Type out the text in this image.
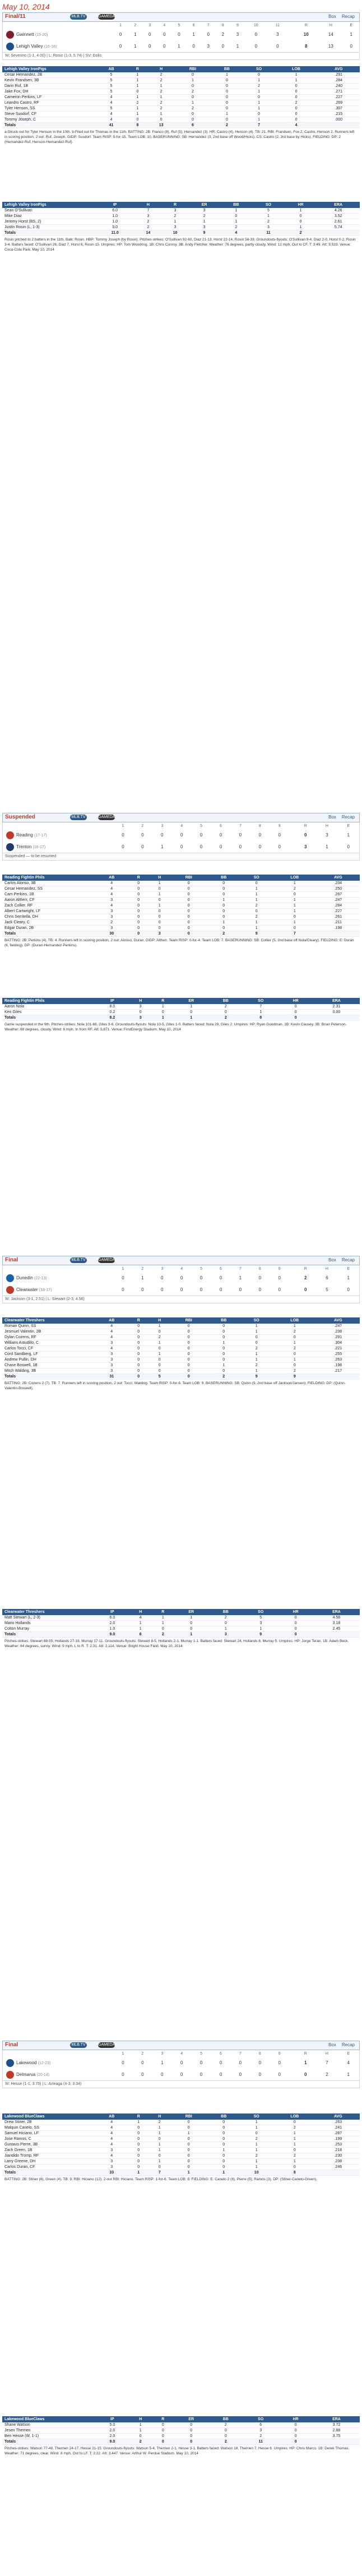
May 10, 2014
Final/11	MLB.TV	GAMEDAY	Box Recap
	1	2	3	4	5	6	7	8	9	10	11		R	H	E
Gwinnett (15-20)	0	1	0	0	0	1	0	2	3	0	3		10	14	1
Lehigh Valley (16-18)	0	1	0	0	1	0	3	0	1	0	0		8	13	0
W: Severino (1-1, 4.00) | L: Rosin (1-3, 5.74) | SV: Dolis
Lehigh Valley IronPigs	AB	R	H	RBI	BB	SO	LOB	AVG
Cesar Hernandez, 2B	5	1	2	0	1	0	1	.291
Kevin Frandsen, 3B	5	1	2	1	0	1	1	.284
Darin Ruf, 1B	5	1	1	0	0	2	0	.240
Jake Fox, DH	5	0	2	2	0	1	0	.271
Cameron Perkins, LF	4	1	1	0	0	0	0	.227
Leandro Castro, RF	4	2	2	1	0	1	2	.269
Tyler Henson, SS	5	1	2	2	0	1	0	.307
Steve Susdorf, CF	4	1	1	0	1	0	0	.215
Tommy Joseph, C	4	0	0	0	0	1	0	.000
Totals	41	8	13	6	2	7	4	
a-Struck out for Tyler Henson in the 10th. b-Flied out for Thomas in the 11th. BATTING: 2B: Franco (8), Ruf (5), Hernandez (3). HR: Castro (4), Henson (4). TB: 21. RBI: Frandsen, Fox 2, Castro, Henson 2. Runners left in scoring position, 2 out: Ruf, Joseph. GIDP: Susdorf. Team RISP: 5-for-15. Team LOB: 10. BASERUNNING: SB: Hernandez (3, 2nd base off Wood/Hicks). CS: Castro (2, 3rd base by Hicks). FIELDING: DP: 2 (Hernandez-Ruf, Henson-Hernandez-Ruf).
Lehigh Valley IronPigs	IP	H	R	ER	BB	SO	HR	ERA
Sean O'Sullivan	6.0	7	3	3	1	5	1	4.26
Mike Diaz	1.0	3	2	2	0	1	0	3.52
Jeremy Horst (BS, 2)	1.0	2	1	1	1	2	0	2.61
Justin Rosin (L, 1-3)	3.0	2	3	3	2	3	1	5.74
Totals	11.0	14	10	9	4	11	2	
Rosin pitched to 2 batters in the 11th. Balk: Rosin. HBP: Tommy Joseph (by Rosin). Pitches-strikes: O'Sullivan 92-60, Diaz 21-13, Horst 22-14, Rosin 56-33. Groundouts-flyouts: O'Sullivan 9-4, Diaz 2-0, Horst 0-2, Rosin 3-4. Batters faced: O'Sullivan 26, Diaz 7, Horst 6, Rosin 15. Umpires: HP: Tom Woodring. 1B: Chris Conroy. 3B: Andy Fletcher. Weather: 76 degrees, partly cloudy. Wind: 12 mph, Out to CF. T: 3:49. Att: 9,533. Venue: Coca-Cola Park. May 10, 2014
Suspended	MLB.TV	GAMEDAY	Box Recap
	1	2	3	4	5	6	7	8	9		R	H	E
Reading (17-17)	0	0	0	0	0	0	0	0	0		0	3	1
Trenton (18-17)	0	0	1	0	0	0	0	0	0		3	1	0
Suspended — to be resumed
Reading Fightin Phils	AB	R	H	RBI	BB	SO	LOB	AVG
Carlos Alonso, 3B	4	0	1	0	0	0	1	.234
Cesar Hernandez, SS	4	0	0	0	0	1	2	.250
Cam Perkins, 1B	4	0	1	0	0	1	0	.267
Aaron Altherr, CF	3	0	0	0	1	1	1	.247
Zach Collier, RF	4	0	1	0	0	2	1	.284
Albert Cartwright, LF	3	0	0	0	0	0	1	.227
Chris Serritella, DH	3	0	0	0	0	2	0	.261
Jack Cleary, C	2	0	0	0	1	1	1	.211
Edgar Duran, 2B	3	0	0	0	0	1	0	.198
Totals	30	0	3	0	2	9	7	
BATTING: 2B: Perkins (4). TB: 4. Runners left in scoring position, 2 out: Alonso, Duran. GIDP: Altherr. Team RISP: 0-for-4. Team LOB: 7. BASERUNNING: SB: Collier (5, 2nd base off Nola/Cleary). FIELDING: E: Duran (6, fielding). DP: (Duran-Hernandez-Perkins).
Reading Fightin Phils	IP	H	R	ER	BB	SO	HR	ERA
Aaron Nola	8.0	3	1	1	2	7	0	2.31
Ken Giles	0.2	0	0	0	0	1	0	0.00
Totals	8.2	3	1	1	2	8	0	
Game suspended in the 9th. Pitches-strikes: Nola 101-66, Giles 9-6. Groundouts-flyouts: Nola 10-5, Giles 1-0. Batters faced: Nola 29, Giles 2. Umpires: HP: Ryan Goodman. 1B: Kevin Causey. 3B: Brian Peterson. Weather: 68 degrees, cloudy. Wind: 6 mph, In from RF. Att: 5,871. Venue: FirstEnergy Stadium. May 10, 2014
Final	MLB.TV	GAMEDAY	Box Recap
	1	2	3	4	5	6	7	8	9		R	H	E
Dunedin (22-13)	0	1	0	0	0	0	1	0	0		2	6	1
Clearwater (18-17)	0	0	0	0	0	0	0	0	0		0	5	0
W: Jackson (3-1, 2.51) | L: Stewart (2-3, 4.56)
Clearwater Threshers	AB	R	H	RBI	BB	SO	LOB	AVG
Roman Quinn, SS	4	0	1	0	0	1	1	.247
Jesmuel Valentin, 2B	4	0	0	0	0	1	2	.238
Dylan Cozens, RF	4	0	2	0	0	0	0	.291
Willians Astudillo, C	3	0	1	0	1	0	1	.304
Carlos Tocci, CF	4	0	0	0	0	2	2	.221
Cord Sandberg, LF	3	0	1	0	0	1	0	.255
Andrew Pullin, DH	3	0	0	0	0	1	1	.263
Chase Boswell, 1B	3	0	0	0	1	2	0	.198
Mitch Walding, 3B	3	0	0	0	0	1	2	.217
Totals	31	0	5	0	2	9	9	
BATTING: 2B: Cozens 2 (7). TB: 7. Runners left in scoring position, 2 out: Tocci, Walding. Team RISP: 0-for-6. Team LOB: 9. BASERUNNING: SB: Quinn (9, 2nd base off Jackson/Jansen). FIELDING: DP: (Quinn-Valentin-Boswell).
Clearwater Threshers	IP	H	R	ER	BB	SO	HR	ERA
Matt Stewart (L, 2-3)	6.0	4	1	1	2	5	0	4.56
Mario Hollands	2.0	1	1	0	0	3	0	3.18
Colton Murray	1.0	1	0	0	1	1	0	2.45
Totals	9.0	6	2	1	3	9	0	
Pitches-strikes: Stewart 88-55, Hollands 27-19, Murray 17-11. Groundouts-flyouts: Stewart 8-5, Hollands 2-1, Murray 1-1. Batters faced: Stewart 24, Hollands 8, Murray 5. Umpires: HP: Jorge Teran. 1B: Adam Beck. Weather: 84 degrees, sunny. Wind: 9 mph, L to R. T: 2:31. Att: 2,114. Venue: Bright House Field. May 10, 2014
Final	MLB.TV	GAMEDAY	Box Recap
	1	2	3	4	5	6	7	8	9		R	H	E
Lakewood (12-23)	0	0	1	0	0	0	0	0	0		1	7	4
Delmarva (20-14)	0	0	0	0	0	0	0	0	0		0	2	1
W: Hesse (1-1, 3.75) | L: Arteaga (4-3, 3.34)
Lakewood BlueClaws	AB	R	H	RBI	BB	SO	LOB	AVG
Drew Stiner, 2B	4	1	2	0	0	1	0	.263
Malquin Canelo, SS	4	0	1	0	0	1	2	.241
Samuel Hiciano, LF	4	0	1	1	0	0	1	.287
Jose Ramos, C	4	0	0	0	0	2	1	.199
Gustavo Pierre, 3B	4	0	1	0	0	1	1	.253
Zach Green, 1B	3	0	1	0	1	1	0	.218
Jiandido Tromp, RF	4	0	0	0	0	2	2	.230
Larry Greene, DH	3	0	1	0	0	1	1	.238
Carlos Duran, CF	3	0	0	0	0	1	0	.246
Totals	33	1	7	1	1	10	8	
BATTING: 2B: Stiner (6), Green (4). TB: 9. RBI: Hiciano (12). 2-out RBI: Hiciano. Team RISP: 1-for-6. Team LOB: 8. FIELDING: E: Canelo 2 (8), Pierre (5), Ramos (3). DP: (Stiner-Canelo-Green).
Lakewood BlueClaws	IP	H	R	ER	BB	SO	HR	ERA
Shane Watson	5.0	1	0	0	2	6	0	3.72
Jesen Therrien	2.0	1	0	0	0	3	0	2.88
Ben Hesse (W, 1-1)	2.0	0	0	0	0	2	0	3.75
Totals	9.0	2	0	0	2	11	0	
Pitches-strikes: Watson 77-48, Therrien 24-17, Hesse 21-15. Groundouts-flyouts: Watson 5-4, Therrien 2-1, Hesse 3-1. Batters faced: Watson 18, Therrien 7, Hesse 6. Umpires: HP: Chris Marco. 1B: Derek Thomas. Weather: 71 degrees, clear. Wind: 8 mph, Out to LF. T: 2:22. Att: 3,447. Venue: Arthur W. Perdue Stadium. May 10, 2014
